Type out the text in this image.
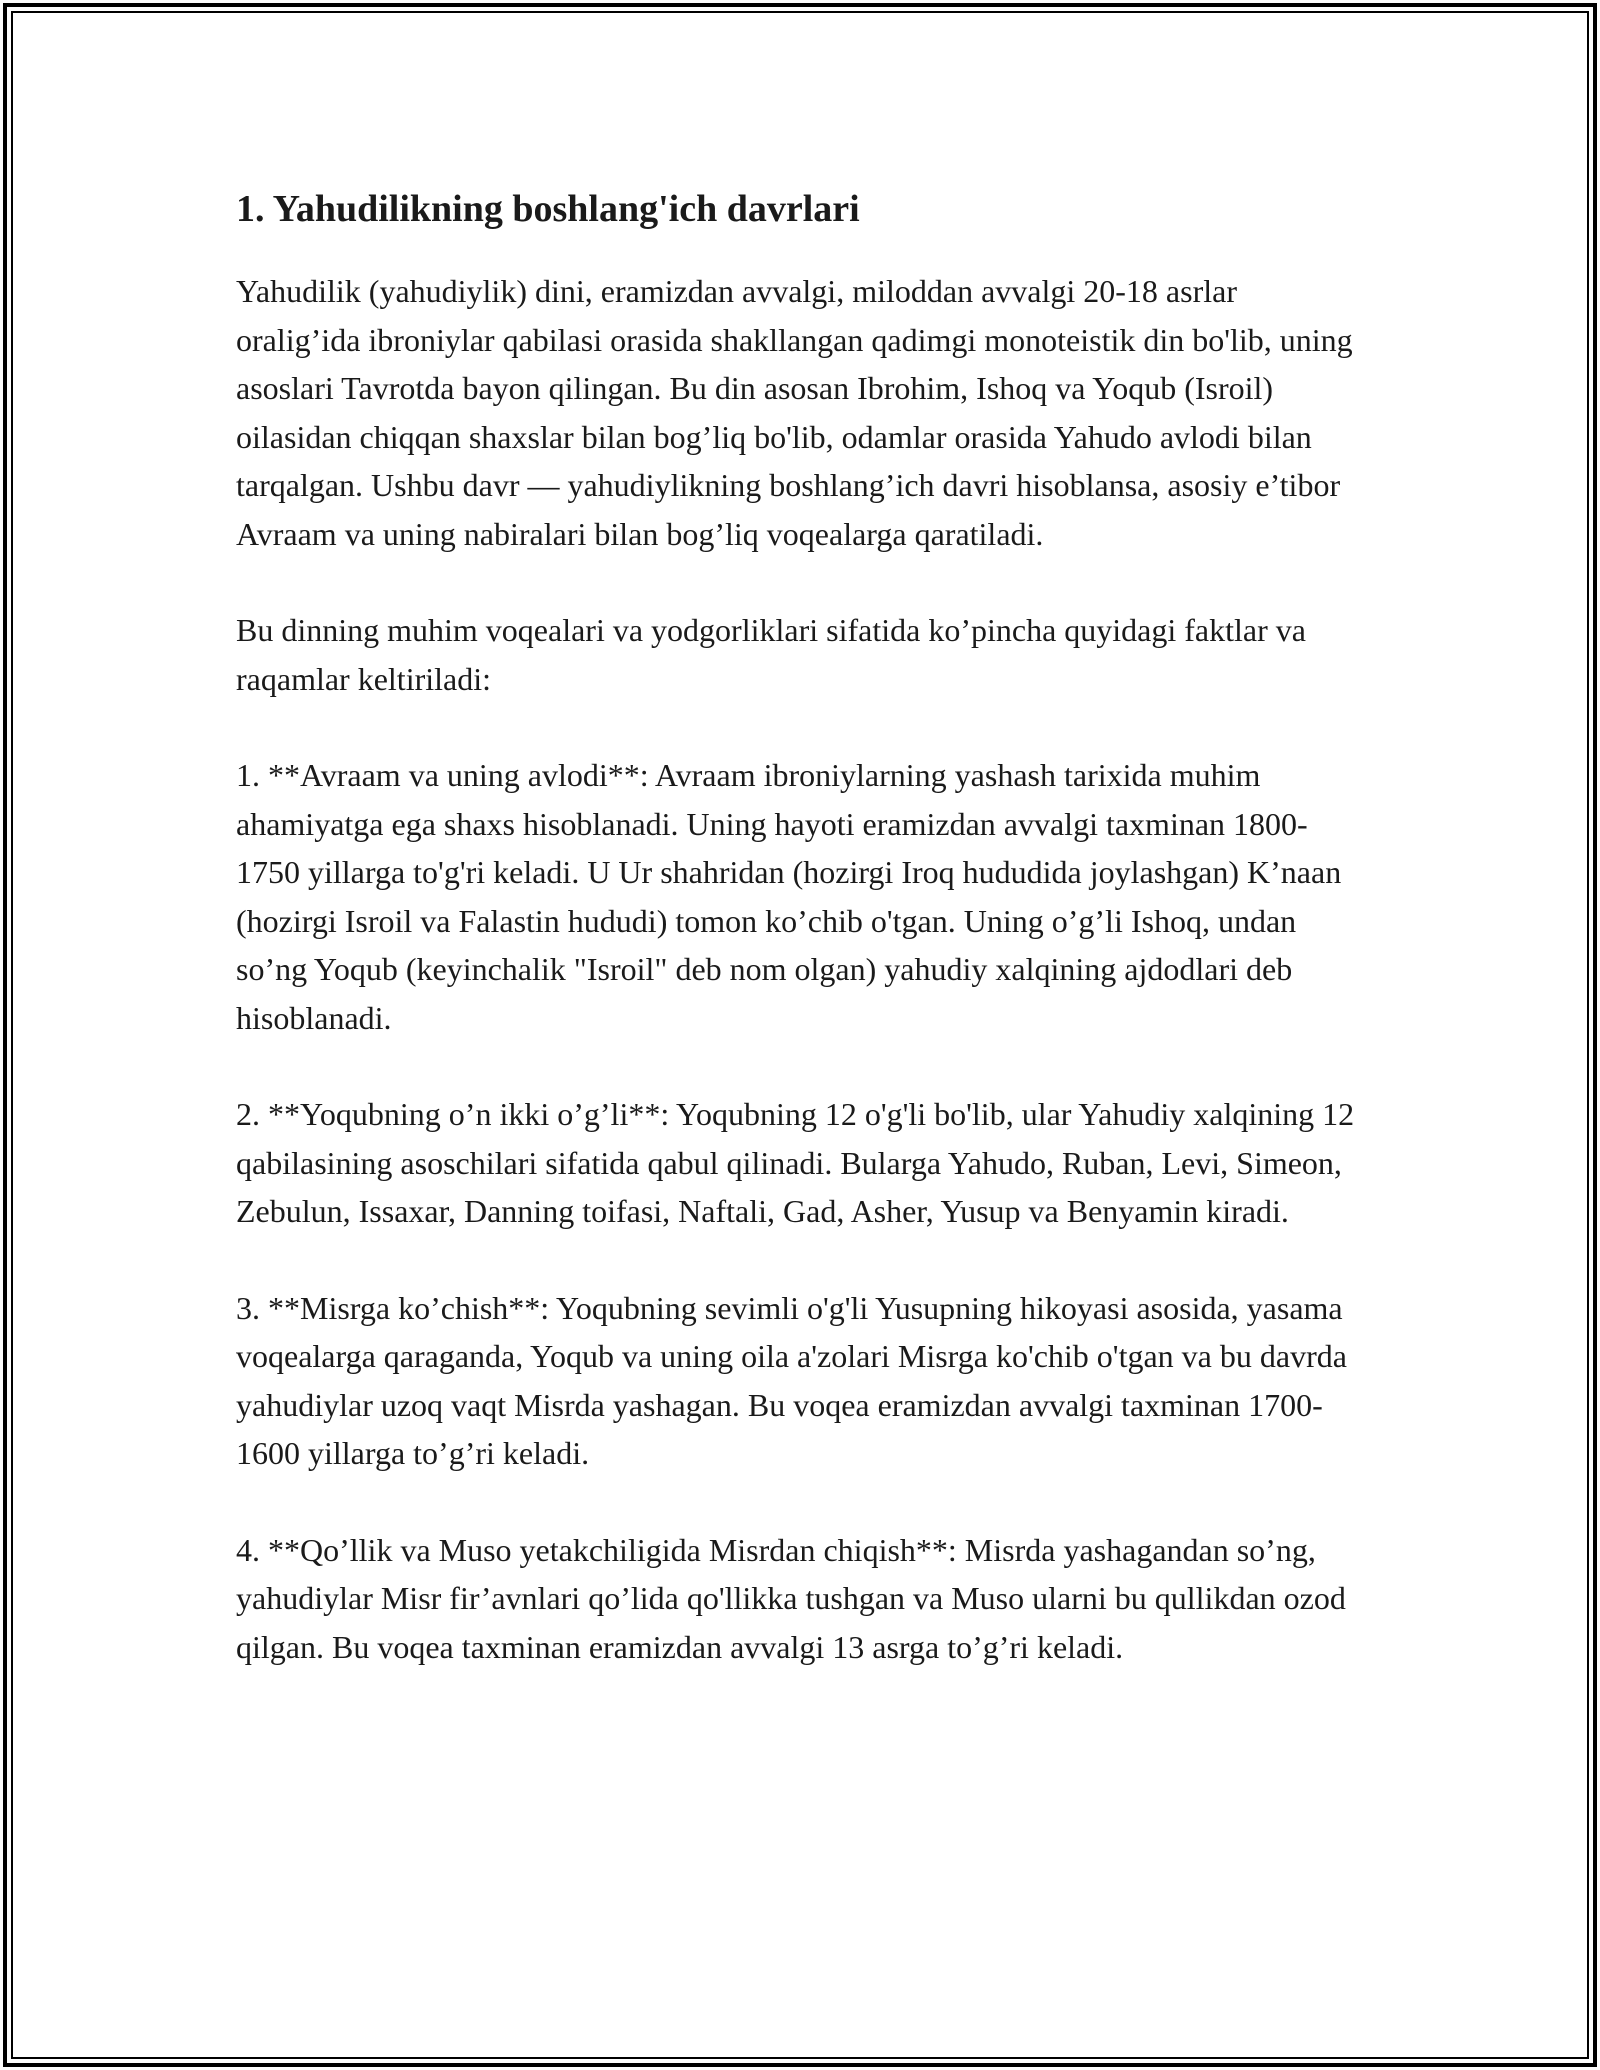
1. Yahudilikning boshlang'ich davrlari

Yahudilik (yahudiylik) dini, eramizdan avvalgi, miloddan avvalgi 20-18 asrlar oralig’ida ibroniylar qabilasi orasida shakllangan qadimgi monoteistik din bo'lib, uning asoslari Tavrotda bayon qilingan. Bu din asosan Ibrohim, Ishoq va Yoqub (Isroil) oilasidan chiqqan shaxslar bilan bog’liq bo'lib, odamlar orasida Yahudo avlodi bilan tarqalgan. Ushbu davr — yahudiylikning boshlang’ich davri hisoblansa, asosiy e’tibor Avraam va uning nabiralari bilan bog’liq voqealarga qaratiladi.

Bu dinning muhim voqealari va yodgorliklari sifatida ko’pincha quyidagi faktlar va raqamlar keltiriladi:

1. **Avraam va uning avlodi**: Avraam ibroniylarning yashash tarixida muhim ahamiyatga ega shaxs hisoblanadi. Uning hayoti eramizdan avvalgi taxminan 1800-1750 yillarga to'g'ri keladi. U Ur shahridan (hozirgi Iroq hududida joylashgan) K’naan (hozirgi Isroil va Falastin hududi) tomon ko’chib o'tgan. Uning o’g’li Ishoq, undan so’ng Yoqub (keyinchalik "Isroil" deb nom olgan) yahudiy xalqining ajdodlari deb hisoblanadi.

2. **Yoqubning o’n ikki o’g’li**: Yoqubning 12 o'g'li bo'lib, ular Yahudiy xalqining 12 qabilasining asoschilari sifatida qabul qilinadi. Bularga Yahudo, Ruban, Levi, Simeon, Zebulun, Issaxar, Danning toifasi, Naftali, Gad, Asher, Yusup va Benyamin kiradi.

3. **Misrga ko’chish**: Yoqubning sevimli o'g'li Yusupning hikoyasi asosida, yasama voqealarga qaraganda, Yoqub va uning oila a'zolari Misrga ko'chib o'tgan va bu davrda yahudiylar uzoq vaqt Misrda yashagan. Bu voqea eramizdan avvalgi taxminan 1700-1600 yillarga to’g’ri keladi.

4. **Qo’llik va Muso yetakchiligida Misrdan chiqish**: Misrda yashagandan so’ng, yahudiylar Misr fir’avnlari qo’lida qo'llikka tushgan va Muso ularni bu qullikdan ozod qilgan. Bu voqea taxminan eramizdan avvalgi 13 asrga to’g’ri keladi.
